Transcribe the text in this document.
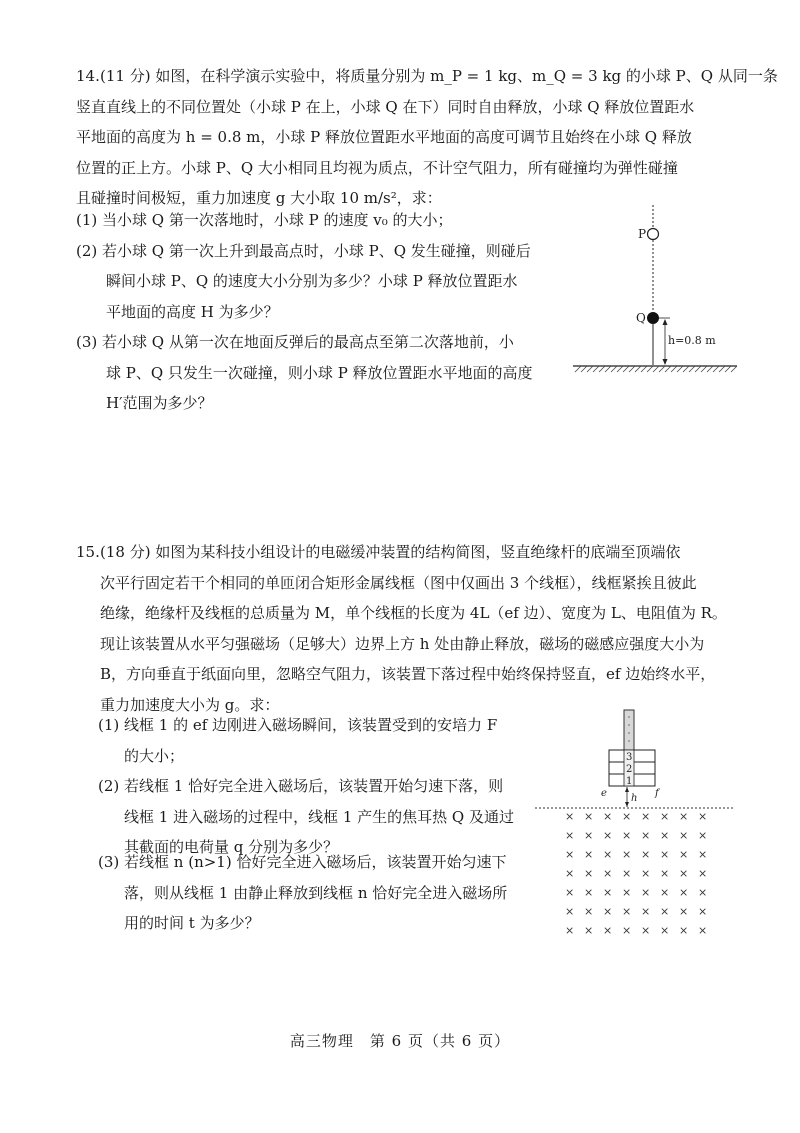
14. (11 分) 如图，在科学演示实验中，将质量分别为 m_P = 1 kg、m_Q = 3 kg 的小球 P、Q 从同一条
竖直直线上的不同位置处（小球 P 在上，小球 Q 在下）同时自由释放，小球 Q 释放位置距水
平地面的高度为 h = 0.8 m，小球 P 释放位置距水平地面的高度可调节且始终在小球 Q 释放
位置的正上方。小球 P、Q 大小相同且均视为质点，不计空气阻力，所有碰撞均为弹性碰撞
且碰撞时间极短，重力加速度 g 大小取 10 m/s²，求：
(1) 当小球 Q 第一次落地时，小球 P 的速度 v₀ 的大小；
(2) 若小球 Q 第一次上升到最高点时，小球 P、Q 发生碰撞，则碰后
瞬间小球 P、Q 的速度大小分别为多少？小球 P 释放位置距水
平地面的高度 H 为多少？
(3) 若小球 Q 从第一次在地面反弹后的最高点至第二次落地前，小
球 P、Q 只发生一次碰撞，则小球 P 释放位置距水平地面的高度
H′范围为多少？
P
Q
h=0.8 m
15. (18 分) 如图为某科技小组设计的电磁缓冲装置的结构简图，竖直绝缘杆的底端至顶端依
次平行固定若干个相同的单匝闭合矩形金属线框（图中仅画出 3 个线框），线框紧挨且彼此
绝缘，绝缘杆及线框的总质量为 M，单个线框的长度为 4L（ef 边）、宽度为 L、电阻值为 R。
现让该装置从水平匀强磁场（足够大）边界上方 h 处由静止释放，磁场的磁感应强度大小为
B，方向垂直于纸面向里，忽略空气阻力，该装置下落过程中始终保持竖直，ef 边始终水平，
重力加速度大小为 g。求：
(1) 线框 1 的 ef 边刚进入磁场瞬间，该装置受到的安培力 F
的大小；
(2) 若线框 1 恰好完全进入磁场后，该装置开始匀速下落，则
线框 1 进入磁场的过程中，线框 1 产生的焦耳热 Q 及通过
其截面的电荷量 q 分别为多少？
(3) 若线框 n (n>1) 恰好完全进入磁场后，该装置开始匀速下
落，则从线框 1 由静止释放到线框 n 恰好完全进入磁场所
用的时间 t 为多少？
3
2
1
e	f
h
× × × × × × × ×
× × × × × × × ×
× × × × × × × ×
× × × × × × × ×
× × × × × × × ×
× × × × × × × ×
× × × × × × × ×
高三物理　第 6 页（共 6 页）
